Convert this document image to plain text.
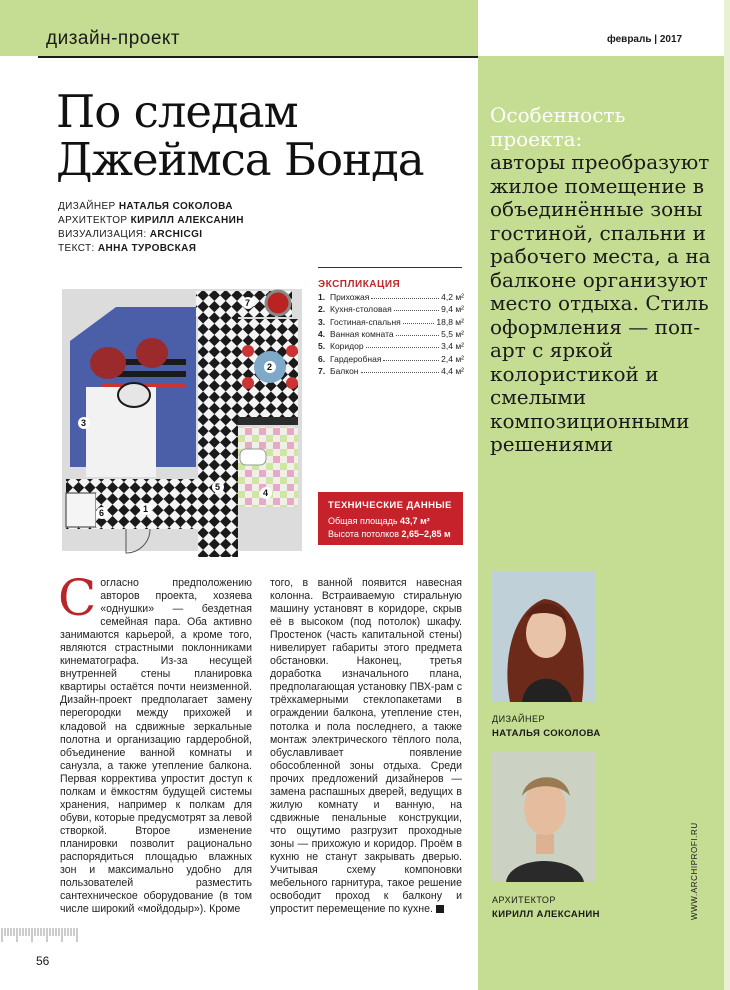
дизайн-проект	февраль | 2017
Особенность проекта:
авторы преобразуют жилое помещение в объединённые зоны гостиной, спальни и рабочего места, а на балконе организуют место отдыха. Стиль оформления — поп-арт с яркой колористикой и смелыми композиционными решениями
По следам
Джеймса Бонда
ДИЗАЙНЕР НАТАЛЬЯ СОКОЛОВА
АРХИТЕКТОР КИРИЛЛ АЛЕКСАНИН
ВИЗУАЛИЗАЦИЯ: ARCHICGI
ТЕКСТ: АННА ТУРОВСКАЯ
1
2
3
4
5
6
7
ЭКСПЛИКАЦИЯ
1. Прихожая	4,2 м²
2. Кухня-столовая	9,4 м²
3. Гостиная-спальня	18,8 м²
4. Ванная комната	5,5 м²
5. Коридор	3,4 м²
6. Гардеробная	2,4 м²
7. Балкон	4,4 м²
ТЕХНИЧЕСКИЕ ДАННЫЕ
Общая площадь 43,7 м²
Высота потолков 2,65–2,85 м
Согласно предположению авторов проекта, хозяева «однушки» — бездетная семейная пара. Оба активно занимаются карьерой, а кроме того, являются страстными поклонниками кинематографа. Из-за несущей внутренней стены планировка квартиры остаётся почти неизменной. Дизайн-проект предполагает замену перегородки между прихожей и кладовой на сдвижные зеркальные полотна и организацию гардеробной, объединение ванной комнаты и санузла, а также утепление балкона. Первая корректива упростит доступ к полкам и ёмкостям будущей системы хранения, например к полкам для обуви, которые предусмотрят за левой створкой. Второе изменение планировки позволит рационально распорядиться площадью влажных зон и максимально удобно для пользователей разместить сантехническое оборудование (в том числе широкий «мойдодыр»). Кроме
того, в ванной появится навесная колонна. Встраиваемую стиральную машину установят в коридоре, скрыв её в высоком (под потолок) шкафу. Простенок (часть капитальной стены) нивелирует габариты этого предмета обстановки. Наконец, третья доработка изначального плана, предполагающая установку ПВХ-рам с трёхкамерными стеклопакетами в ограждении балкона, утепление стен, потолка и пола последнего, а также монтаж электрического тёплого пола, обуславливает появление обособленной зоны отдыха. Среди прочих предложений дизайнеров — замена распашных дверей, ведущих в жилую комнату и ванную, на сдвижные пенальные конструкции, что ощутимо разгрузит проходные зоны — прихожую и коридор. Проём в кухню не станут закрывать дверью. Учитывая схему компоновки мебельного гарнитура, такое решение освободит проход к балкону и упростит перемещение по кухне.
ДИЗАЙНЕР
НАТАЛЬЯ СОКОЛОВА
АРХИТЕКТОР
КИРИЛЛ АЛЕКСАНИН	WWW.ARCHIPROFI.RU
56
